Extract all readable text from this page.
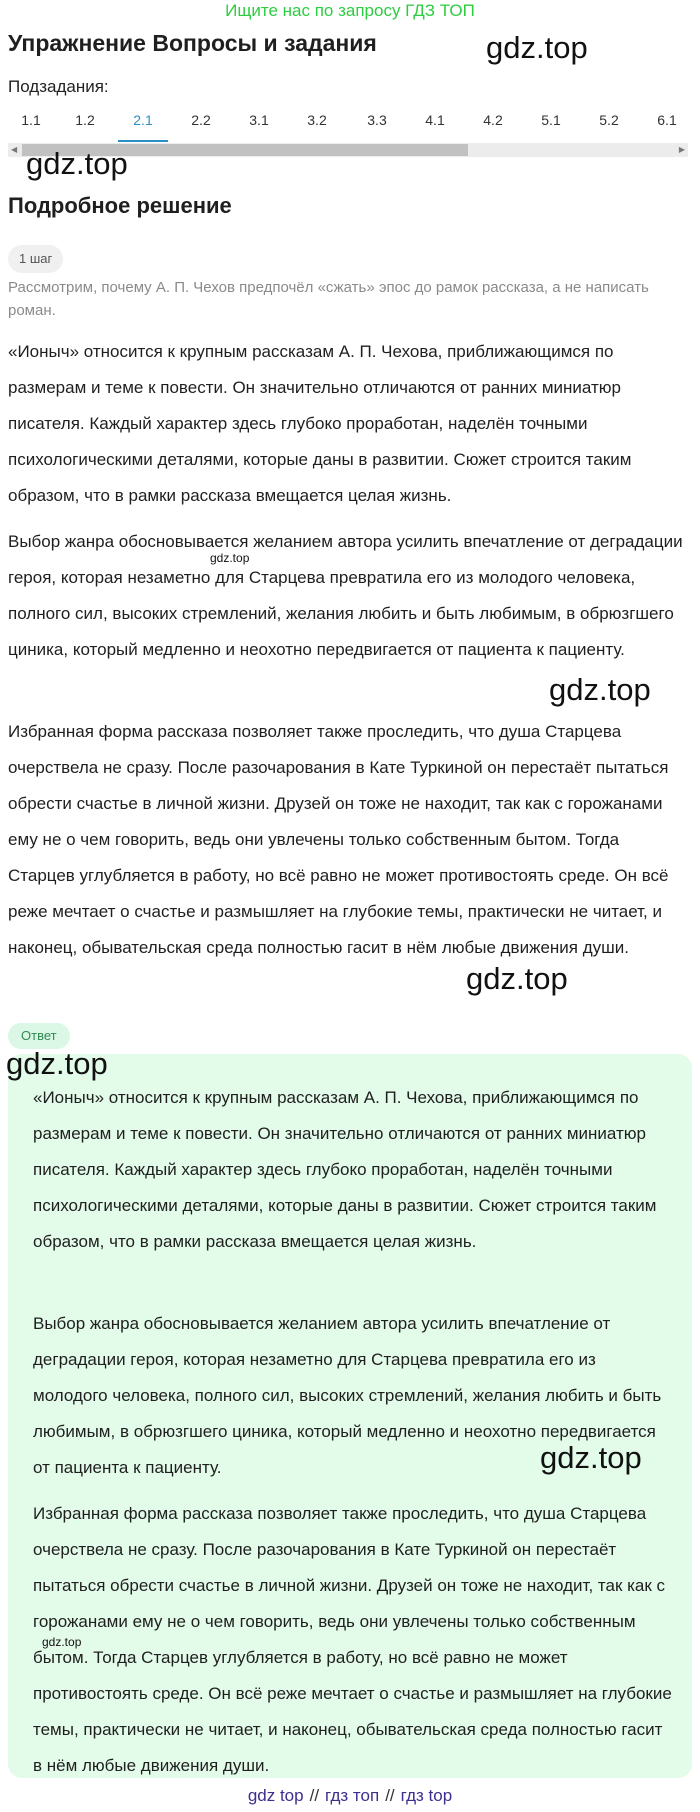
Ищите нас по запросу ГДЗ ТОП
Упражнение Вопросы и задания	gdz.top
Подзадания:
1.1	1.2	2.1	2.2	3.1	3.2	3.3	4.1	4.2	5.1	5.2	6.1
◀	▶
gdz.top
Подробное решение
1 шаг
Рассмотрим, почему А. П. Чехов предпочёл «сжать» эпос до рамок рассказа, а не написать роман.
«Ионыч» относится к крупным рассказам А. П. Чехова, приближающимся по размерам и теме к повести. Он значительно отличаются от ранних миниатюр писателя. Каждый характер здесь глубоко проработан, наделён точными психологическими деталями, которые даны в развитии. Сюжет строится таким образом, что в рамки рассказа вмещается целая жизнь.
Выбор жанра обосновывается желанием автора усилить впечатление от деградации героя, которая незаметно для Старцева превратила его из молодого человека, полного сил, высоких стремлений, желания любить и быть любимым, в обрюзгшего циника, который медленно и неохотно передвигается от пациента к пациенту.
gdz.top
gdz.top
Избранная форма рассказа позволяет также проследить, что душа Старцева очерствела не сразу. После разочарования в Кате Туркиной он перестаёт пытаться обрести счастье в личной жизни. Друзей он тоже не находит, так как с горожанами ему не о чем говорить, ведь они увлечены только собственным бытом. Тогда Старцев углубляется в работу, но всё равно не может противостоять среде. Он всё реже мечтает о счастье и размышляет на глубокие темы, практически не читает, и наконец, обывательская среда полностью гасит в нём любые движения души.
gdz.top
Ответ
gdz.top
«Ионыч» относится к крупным рассказам А. П. Чехова, приближающимся по размерам и теме к повести. Он значительно отличаются от ранних миниатюр писателя. Каждый характер здесь глубоко проработан, наделён точными психологическими деталями, которые даны в развитии. Сюжет строится таким образом, что в рамки рассказа вмещается целая жизнь.
Выбор жанра обосновывается желанием автора усилить впечатление от деградации героя, которая незаметно для Старцева превратила его из молодого человека, полного сил, высоких стремлений, желания любить и быть любимым, в обрюзгшего циника, который медленно и неохотно передвигается от пациента к пациенту.	gdz.top
Избранная форма рассказа позволяет также проследить, что душа Старцева очерствела не сразу. После разочарования в Кате Туркиной он перестаёт пытаться обрести счастье в личной жизни. Друзей он тоже не находит, так как с горожанами ему не о чем говорить, ведь они увлечены только собственным бытом. Тогда Старцев углубляется в работу, но всё равно не может противостоять среде. Он всё реже мечтает о счастье и размышляет на глубокие темы, практически не читает, и наконец, обывательская среда полностью гасит в нём любые движения души.
gdz.top
gdz top // гдз топ // гдз top
